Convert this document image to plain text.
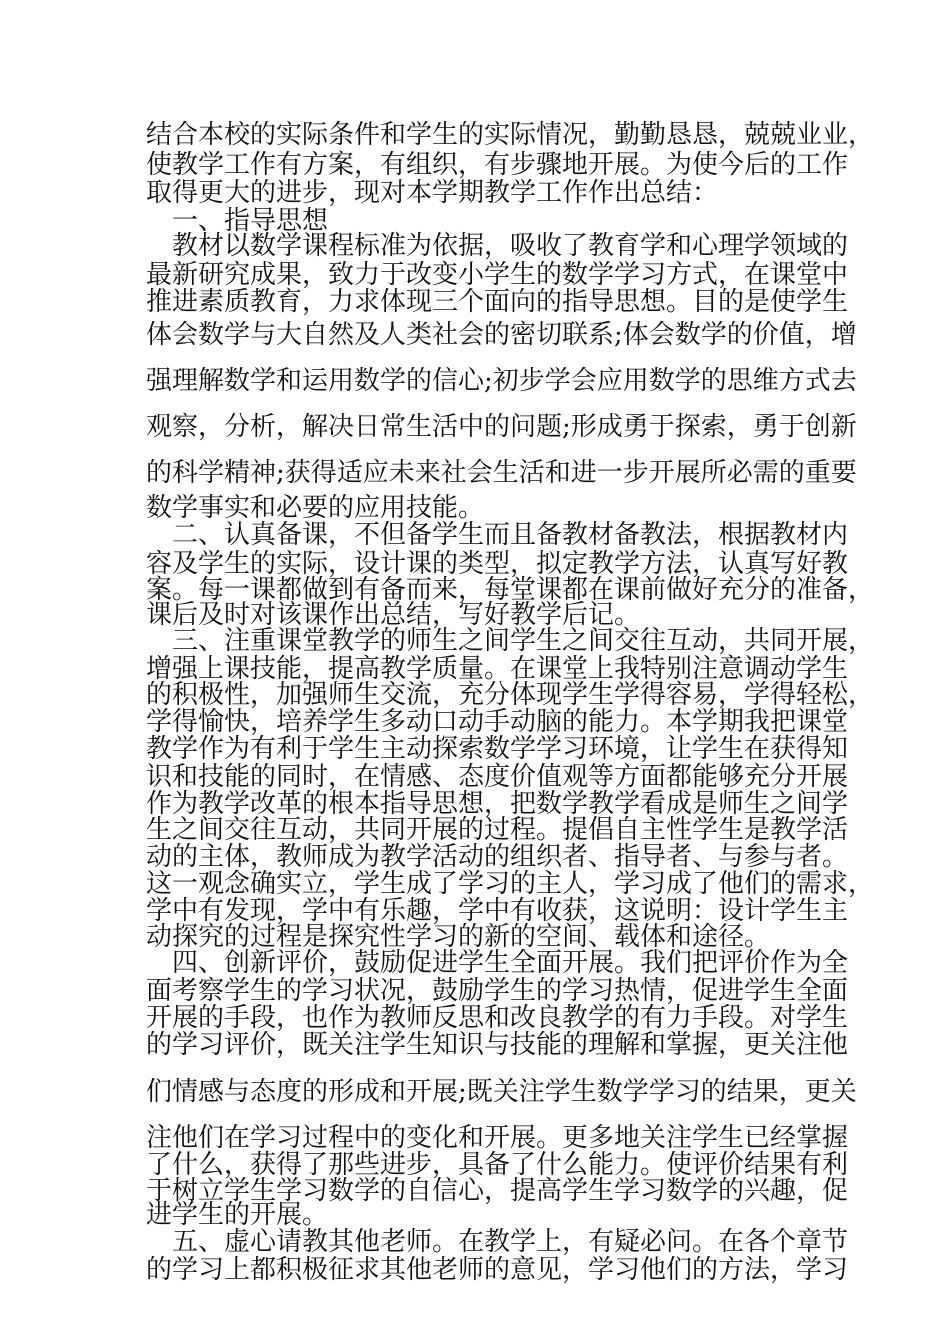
结合本校的实际条件和学生的实际情况，勤勤恳恳，兢兢业业，
使教学工作有方案，有组织，有步骤地开展。为使今后的工作
取得更大的进步，现对本学期教学工作作出总结：
一、指导思想
教材以数学课程标准为依据，吸收了教育学和心理学领域的
最新研究成果，致力于改变小学生的数学学习方式，在课堂中
推进素质教育，力求体现三个面向的指导思想。目的是使学生
体会数学与大自然及人类社会的密切联系;体会数学的价值，增
强理解数学和运用数学的信心;初步学会应用数学的思维方式去
观察，分析，解决日常生活中的问题;形成勇于探索，勇于创新
的科学精神;获得适应未来社会生活和进一步开展所必需的重要
数学事实和必要的应用技能。
二、认真备课，不但备学生而且备教材备教法，根据教材内
容及学生的实际，设计课的类型，拟定教学方法，认真写好教
案。每一课都做到有备而来，每堂课都在课前做好充分的准备，
课后及时对该课作出总结，写好教学后记。
三、注重课堂教学的师生之间学生之间交往互动，共同开展，
增强上课技能，提高教学质量。在课堂上我特别注意调动学生
的积极性，加强师生交流，充分体现学生学得容易，学得轻松，
学得愉快，培养学生多动口动手动脑的能力。本学期我把课堂
教学作为有利于学生主动探索数学学习环境，让学生在获得知
识和技能的同时，在情感、态度价值观等方面都能够充分开展
作为教学改革的根本指导思想，把数学教学看成是师生之间学
生之间交往互动，共同开展的过程。提倡自主性学生是教学活
动的主体，教师成为教学活动的组织者、指导者、与参与者。
这一观念确实立，学生成了学习的主人，学习成了他们的需求，
学中有发现，学中有乐趣，学中有收获，这说明：设计学生主
动探究的过程是探究性学习的新的空间、载体和途径。
四、创新评价，鼓励促进学生全面开展。我们把评价作为全
面考察学生的学习状况，鼓励学生的学习热情，促进学生全面
开展的手段，也作为教师反思和改良教学的有力手段。对学生
的学习评价，既关注学生知识与技能的理解和掌握，更关注他
们情感与态度的形成和开展;既关注学生数学学习的结果，更关
注他们在学习过程中的变化和开展。更多地关注学生已经掌握
了什么，获得了那些进步，具备了什么能力。使评价结果有利
于树立学生学习数学的自信心，提高学生学习数学的兴趣，促
进学生的开展。
五、虚心请教其他老师。在教学上，有疑必问。在各个章节
的学习上都积极征求其他老师的意见，学习他们的方法，学习
